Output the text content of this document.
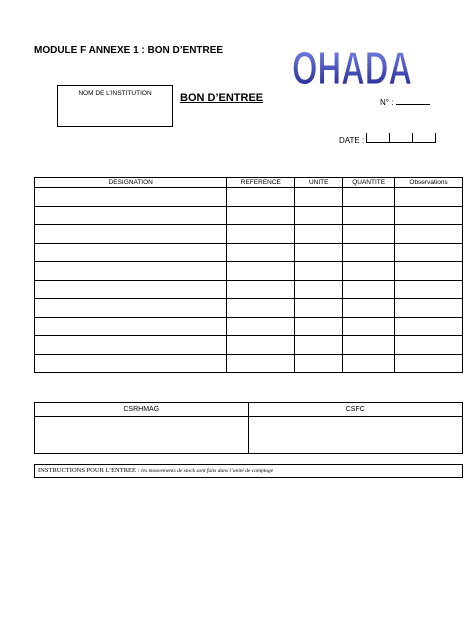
MODULE F ANNEXE 1 : BON D’ENTREE OHADA
NOM DE L’INSTITUTION	BON D’ENTREE	N° :
DATE :
DESIGNATION	REFERENCE	UNITE	QUANTITE	Observations

CSRHMAG	CSFC

INSTRUCTIONS POUR L’ENTREE : les mouvements de stock sont faits dans l’unité de comptage
